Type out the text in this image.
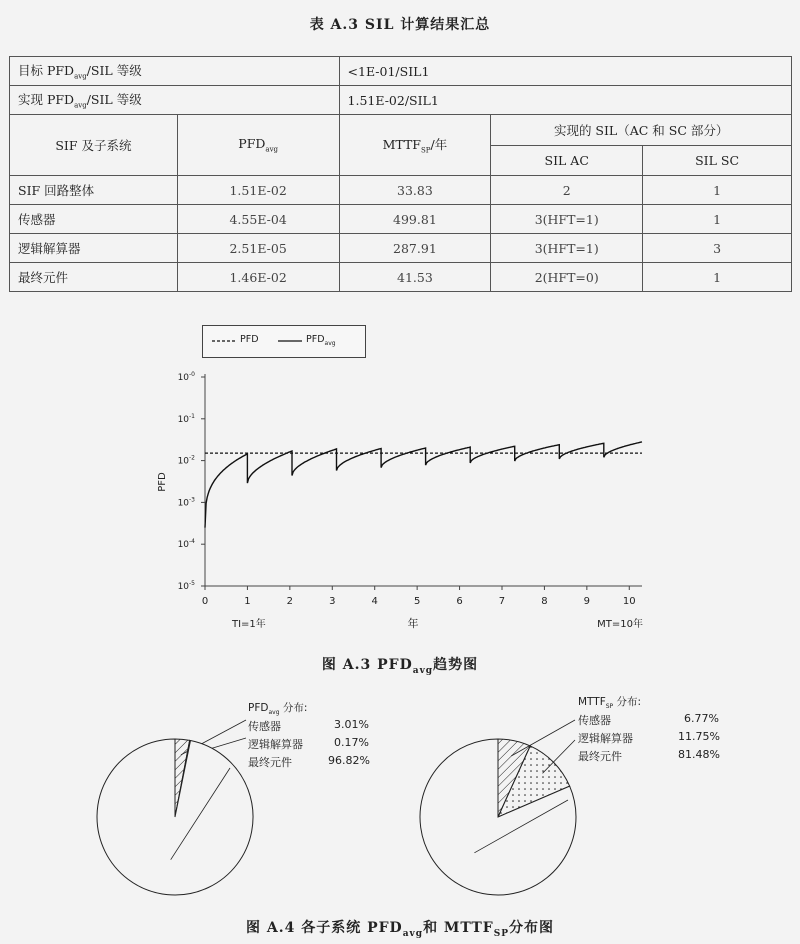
表 A.3 SIL 计算结果汇总
目标 $PFD_{avg}$/SIL 等级		<1E-01/SIL1		
实现 $PFD_{avg}$/SIL 等级		1.51E-02/SIL1		
SIF 及子系统	$PFD_{avg}$	$MTTF_{SP}/$年	实现的 SIL（AC 和 SC 部分）	
			SIL AC	SIL SC
SIF 回路整体	1.51E-02	33.83	2	1
传感器	4.55E-04	499.81	3(HFT=1)	1
逻辑解算器	2.51E-05	287.91	3(HFT=1)	3
最终元件	1.46E-02	41.53	2(HFT=0)	1
PFD	$PFD_{avg}$
$10^{-0}$
$10^{-1}$
$10^{-2}$
$10^{-3}$
$10^{-4}$
$10^{-5}$
0	1	2	3	4	5	6	7	8	9	10
PFD
TI=1年	年	MT=10年
图 A.3 $PFD_{avg}$趋势图
$PFD_{avg}$ 分布:
传感器	3.01%
逻辑解算器	0.17%
最终元件	96.82%
$MTTF_{SP}$ 分布:
传感器	6.77%
逻辑解算器	11.75%
最终元件	81.48%
图 A.4 各子系统 $PFD_{avg}$和 $MTTF_{SP}$分布图
